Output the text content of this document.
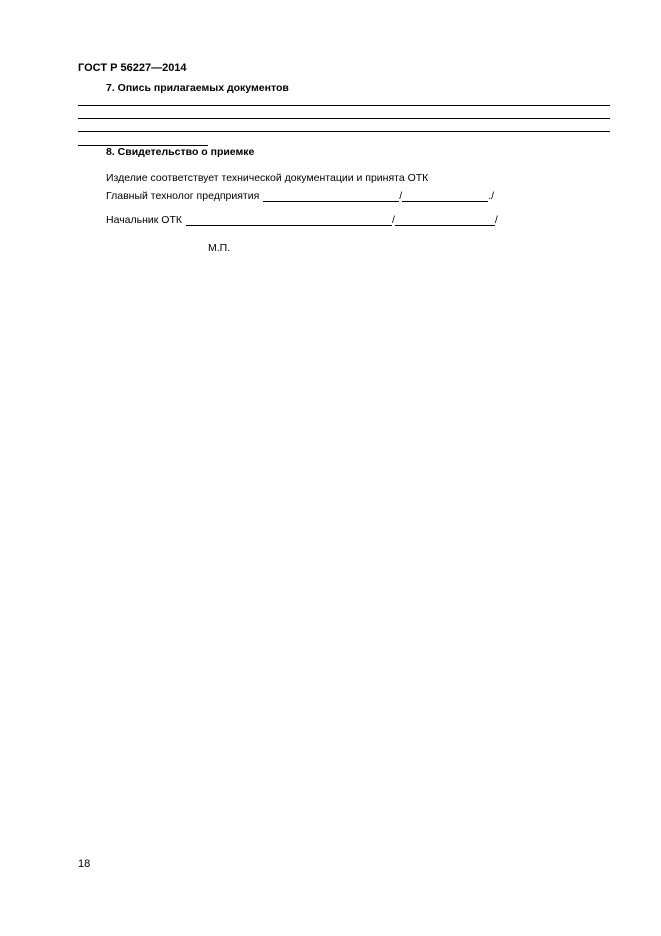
ГОСТ Р 56227—2014
7. Опись прилагаемых документов
8. Свидетельство о приемке
Изделие соответствует технической документации и принята ОТК
Главный технолог предприятия	/	. /
Начальник ОТК	/	/
М.П.
18
